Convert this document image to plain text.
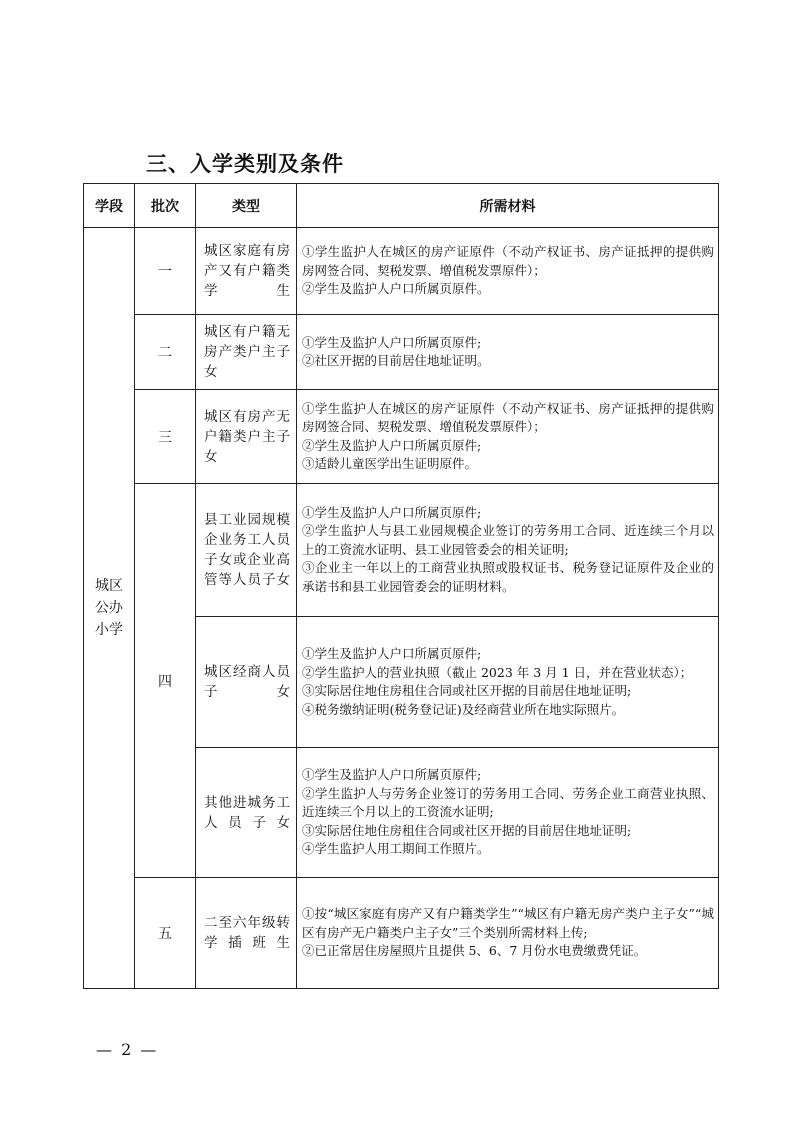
三、入学类别及条件
学段	批次	类型	所需材料

城区
公办
小学	一	城区家庭有房产又有户籍类学生	①学生监护人在城区的房产证原件（不动产权证书、房产证抵押的提供购房网签合同、契税发票、增值税发票原件）；
②学生及监护人户口所属页原件。

	二	城区有户籍无房产类户主子女	①学生及监护人户口所属页原件;
②社区开据的目前居住地址证明。

	三	城区有房产无户籍类户主子女	①学生监护人在城区的房产证原件（不动产权证书、房产证抵押的提供购房网签合同、契税发票、增值税发票原件）；
②学生及监护人户口所属页原件;
③适龄儿童医学出生证明原件。

	四	县工业园规模企业务工人员子女或企业高管等人员子女	①学生及监护人户口所属页原件;
②学生监护人与县工业园规模企业签订的劳务用工合同、近连续三个月以上的工资流水证明、县工业园管委会的相关证明;
③企业主一年以上的工商营业执照或股权证书、税务登记证原件及企业的承诺书和县工业园管委会的证明材料。

		城区经商人员子女	①学生及监护人户口所属页原件;
②学生监护人的营业执照（截止 2023 年 3 月 1 日，并在营业状态）；
③实际居住地住房租住合同或社区开据的目前居住地址证明;
④税务缴纳证明(税务登记证)及经商营业所在地实际照片。

		其他进城务工人员子女	①学生及监护人户口所属页原件;
②学生监护人与劳务企业签订的劳务用工合同、劳务企业工商营业执照、近连续三个月以上的工资流水证明;
③实际居住地住房租住合同或社区开据的目前居住地址证明;
④学生监护人用工期间工作照片。

	五	二至六年级转学插班生	①按“城区家庭有房产又有户籍类学生”“城区有户籍无房产类户主子女”“城区有房产无户籍类户主子女”三个类别所需材料上传;
②已正常居住房屋照片且提供 5、6、7 月份水电费缴费凭证。

— 2 —
